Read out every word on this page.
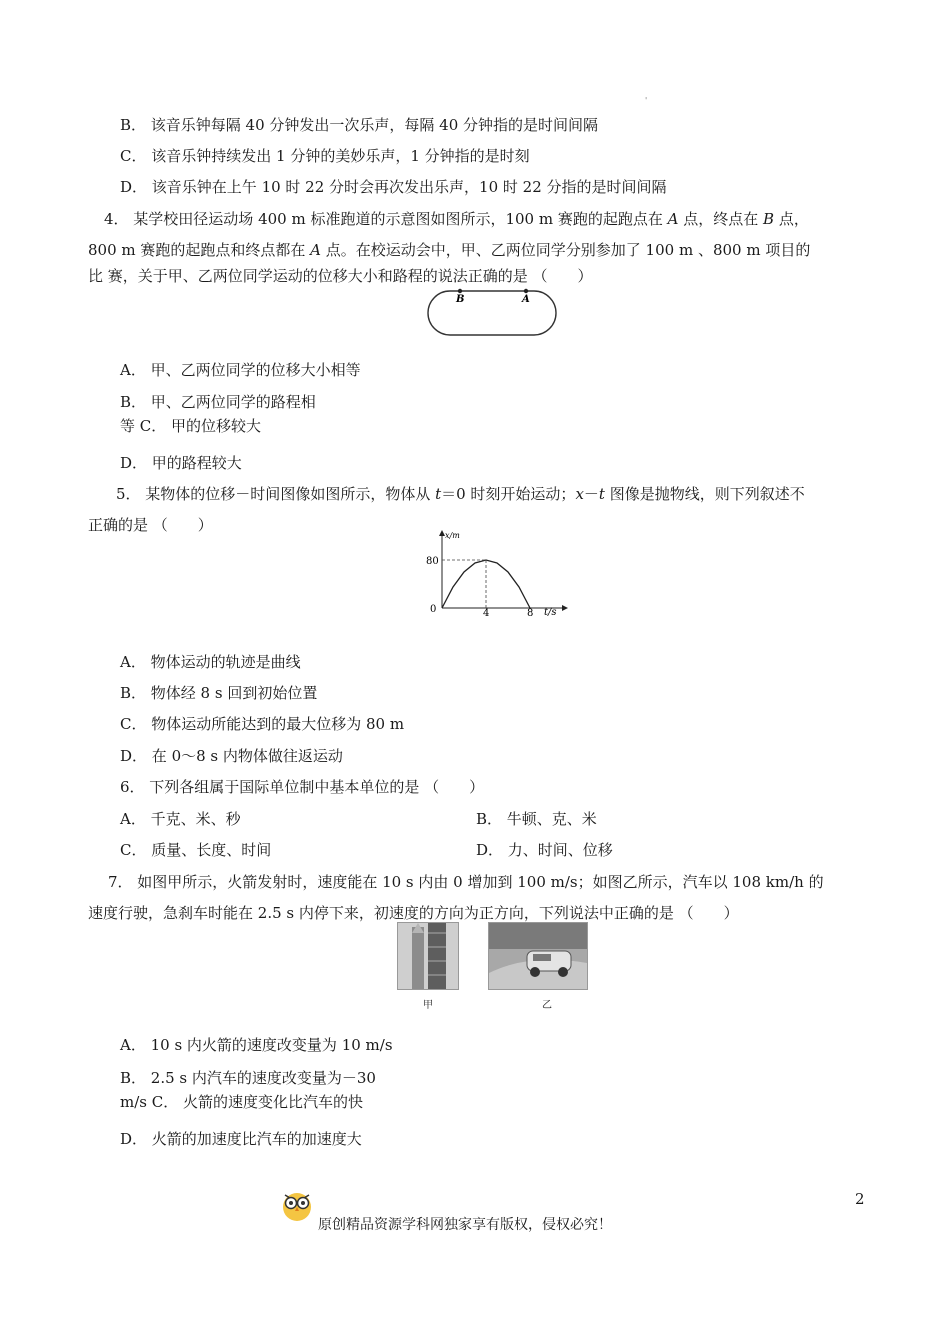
'
B． 该音乐钟每隔 40 分钟发出一次乐声，每隔 40 分钟指的是时间间隔
C． 该音乐钟持续发出 1 分钟的美妙乐声，1 分钟指的是时刻
D． 该音乐钟在上午 10 时 22 分时会再次发出乐声，10 时 22 分指的是时间间隔
4． 某学校田径运动场 400 m 标准跑道的示意图如图所示，100 m 赛跑的起跑点在 A 点，终点在 B 点，
800 m 赛跑的起跑点和终点都在 A 点。在校运动会中，甲、乙两位同学分别参加了 100 m 、800 m 项目的
比 赛，关于甲、乙两位同学运动的位移大小和路程的说法正确的是 （　　）
B	A
A． 甲、乙两位同学的位移大小相等
B． 甲、乙两位同学的路程相
等 C． 甲的位移较大
D． 甲的路程较大
5． 某物体的位移－时间图像如图所示，物体从 t＝0 时刻开始运动；x－t 图像是抛物线，则下列叙述不
正确的是 （　　）
x/m
t/s
0
80
4	8
A． 物体运动的轨迹是曲线
B． 物体经 8 s 回到初始位置
C． 物体运动所能达到的最大位移为 80 m
D． 在 0～8 s 内物体做往返运动
6． 下列各组属于国际单位制中基本单位的是 （　　）
A． 千克、米、秒	B． 牛顿、克、米
C． 质量、长度、时间	D． 力、时间、位移
7． 如图甲所示，火箭发射时，速度能在 10 s 内由 0 增加到 100 m/s；如图乙所示，汽车以 108 km/h 的
速度行驶，急刹车时能在 2.5 s 内停下来，初速度的方向为正方向，下列说法中正确的是 （　　）
甲	乙
A． 10 s 内火箭的速度改变量为 10 m/s
B． 2.5 s 内汽车的速度改变量为－30
m/s C． 火箭的速度变化比汽车的快
D． 火箭的加速度比汽车的加速度大
2
原创精品资源学科网独家享有版权，侵权必究！
